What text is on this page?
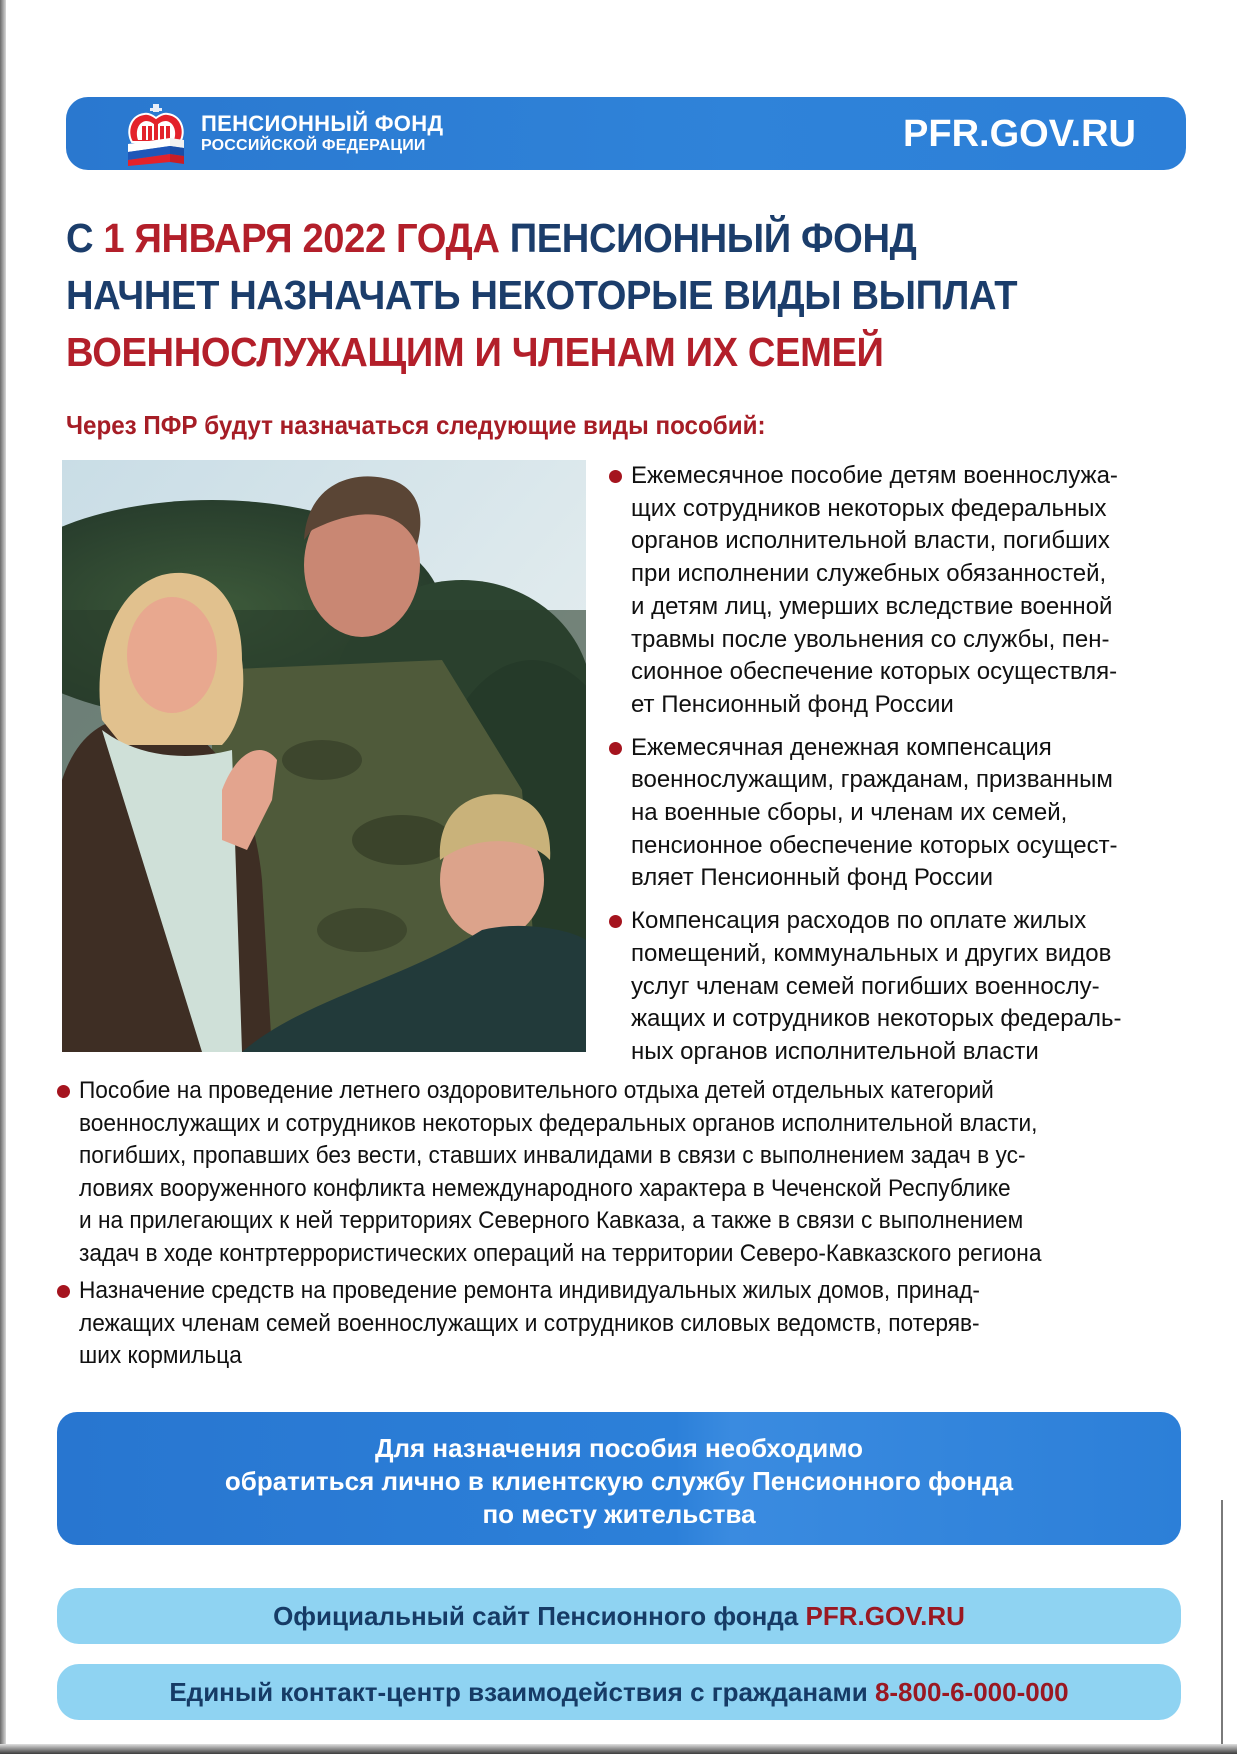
ПЕНСИОННЫЙ ФОНД
РОССИЙСКОЙ ФЕДЕРАЦИИ	PFR.GOV.RU
С 1 ЯНВАРЯ 2022 ГОДА ПЕНСИОННЫЙ ФОНД
НАЧНЕТ НАЗНАЧАТЬ НЕКОТОРЫЕ ВИДЫ ВЫПЛАТ
ВОЕННОСЛУЖАЩИМ И ЧЛЕНАМ ИХ СЕМЕЙ
Через ПФР будут назначаться следующие виды пособий:
Ежемесячное пособие детям военнослужа-
щих сотрудников некоторых федеральных
органов исполнительной власти, погибших
при исполнении служебных обязанностей,
и детям лиц, умерших вследствие военной
травмы после увольнения со службы, пен-
сионное обеспечение которых осуществля-
ет Пенсионный фонд России
Ежемесячная денежная компенсация
военнослужащим, гражданам, призванным
на военные сборы, и членам их семей,
пенсионное обеспечение которых осущест-
вляет Пенсионный фонд России
Компенсация расходов по оплате жилых
помещений, коммунальных и других видов
услуг членам семей погибших военнослу-
жащих и сотрудников некоторых федераль-
ных органов исполнительной власти
Пособие на проведение летнего оздоровительного отдыха детей отдельных категорий
военнослужащих и сотрудников некоторых федеральных органов исполнительной власти,
погибших, пропавших без вести, ставших инвалидами в связи с выполнением задач в ус-
ловиях вооруженного конфликта немеждународного характера в Чеченской Республике
и на прилегающих к ней территориях Северного Кавказа, а также в связи с выполнением
задач в ходе контртеррористических операций на территории Северо-Кавказского региона
Назначение средств на проведение ремонта индивидуальных жилых домов, принад-
лежащих членам семей военнослужащих и сотрудников силовых ведомств, потеряв-
ших кормильца
Для назначения пособия необходимо
обратиться лично в клиентскую службу Пенсионного фонда
по месту жительства
Официальный сайт Пенсионного фонда PFR.GOV.RU
Единый контакт-центр взаимодействия с гражданами 8-800-6-000-000
